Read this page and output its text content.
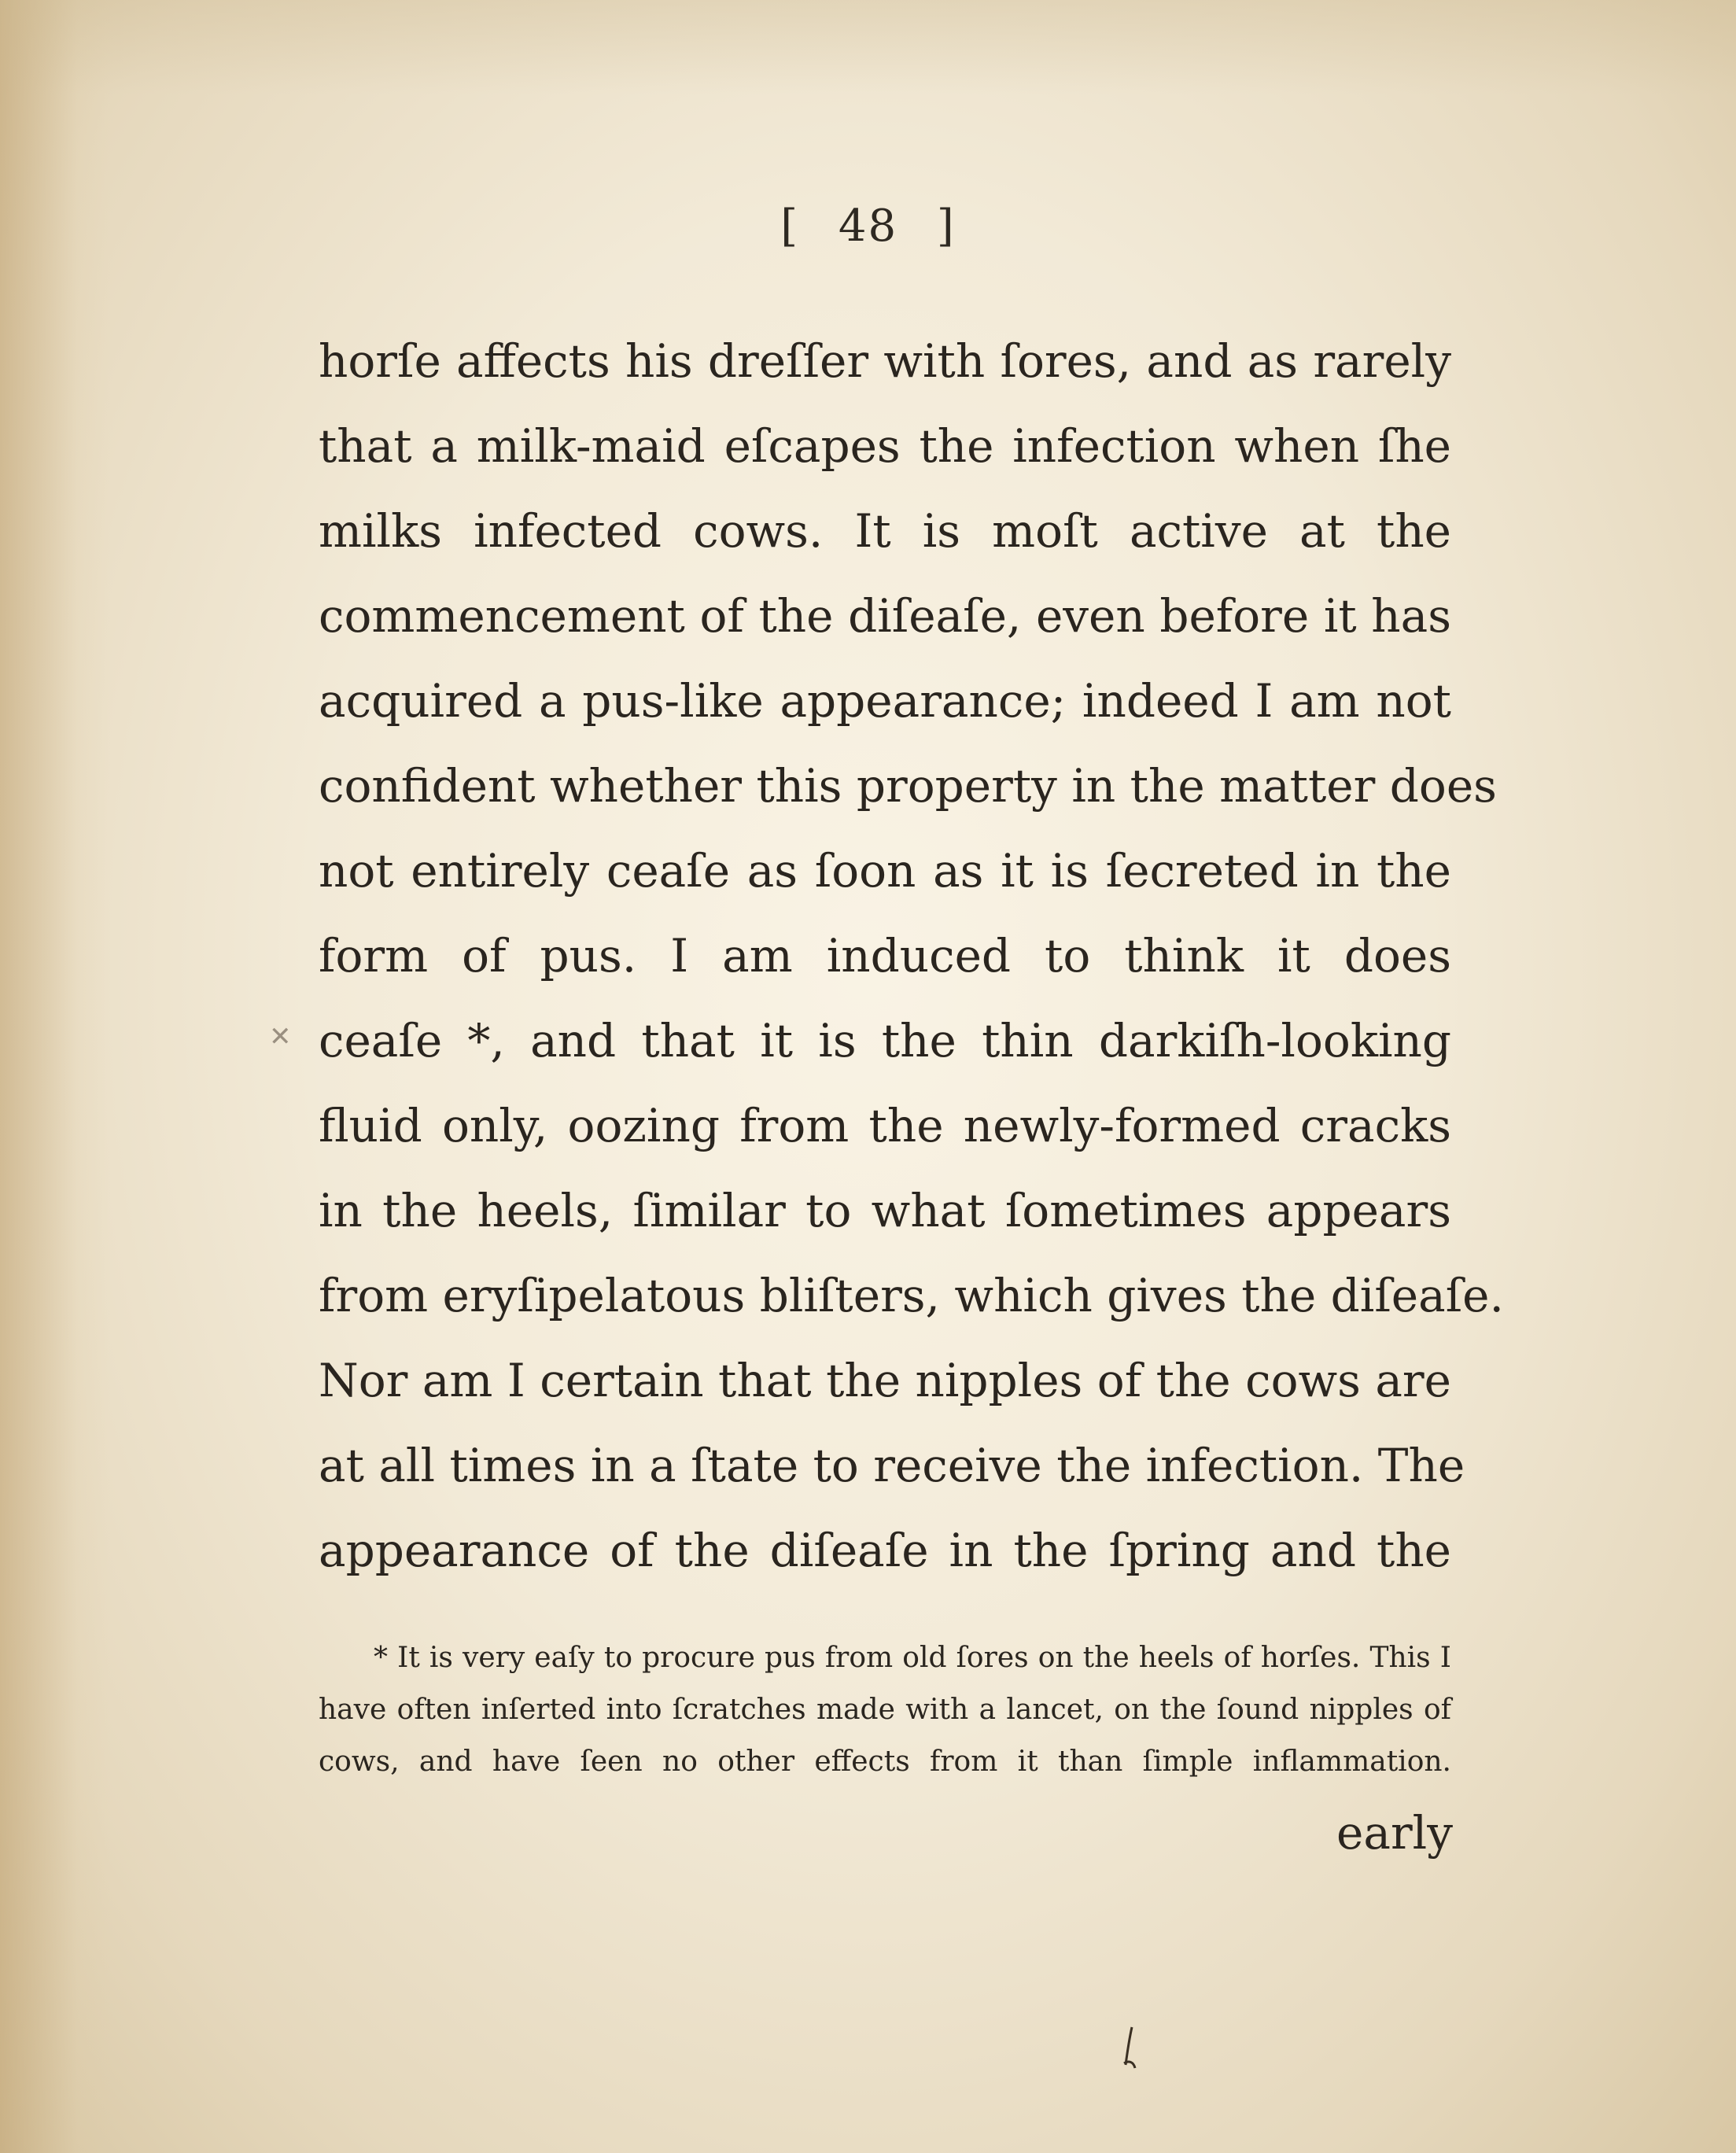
[ 48 ]
✕
horſe affects his dreſſer with ſores, and as rarely
that a milk-maid eſcapes the infection when ſhe
milks infected cows. It is moſt active at the
commencement of the diſeaſe, even before it has
acquired a pus-like appearance; indeed I am not
confident whether this property in the matter does
not entirely ceaſe as ſoon as it is ſecreted in the
form of pus. I am induced to think it does
ceaſe *, and that it is the thin darkiſh-looking
fluid only, oozing from the newly-formed cracks
in the heels, ſimilar to what ſometimes appears
from eryſipelatous bliſters, which gives the diſeaſe.
Nor am I certain that the nipples of the cows are
at all times in a ſtate to receive the infection. The
appearance of the diſeaſe in the ſpring and the
* It is very eaſy to procure pus from old ſores on the heels of horſes. This I
have often inſerted into ſcratches made with a lancet, on the ſound nipples of
cows, and have ſeen no other effects from it than ſimple inflammation.
early
